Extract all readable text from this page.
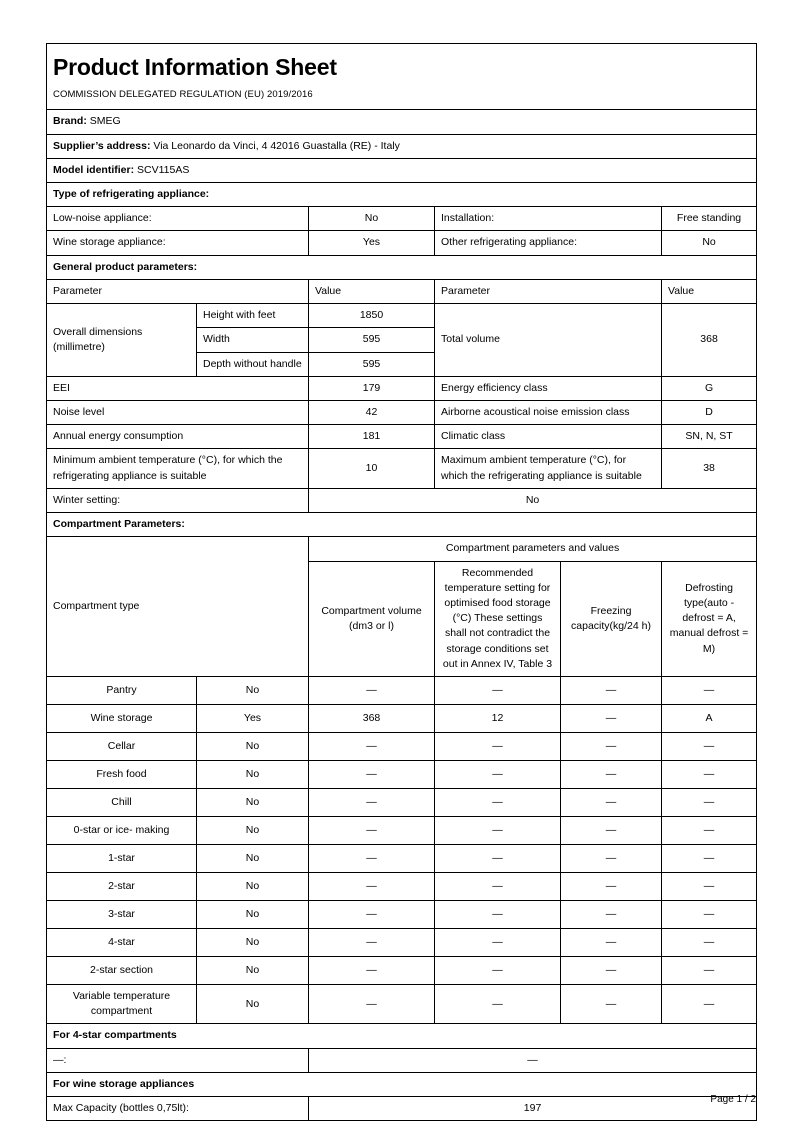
Product Information Sheet					

COMMISSION DELEGATED REGULATION (EU) 2019/2016					

Brand: SMEG					
Supplier’s address: Via Leonardo da Vinci, 4 42016 Guastalla (RE) - Italy					
Model identifier: SCV115AS					
Type of refrigerating appliance:					
Low-noise appliance:		No	Installation:		Free standing
Wine storage appliance:		Yes	Other refrigerating appliance:		No
General product parameters:					
Parameter		Value	Parameter		Value
Overall dimensions (millimetre)	Height with feet	1850	Total volume		368
	Width	595			
	Depth without handle	595			
EEI		179	Energy efficiency class		G
Noise level		42	Airborne acoustical noise emission class		D
Annual energy consumption		181	Climatic class		SN, N, ST
Minimum ambient temperature (°C), for which the refrigerating appliance is suitable		10	Maximum ambient temperature (°C), for which the refrigerating appliance is suitable		38
Winter setting:		No			
Compartment Parameters:					
Compartment type		Compartment parameters and values			
		Compartment volume (dm3 or l)	Recommended temperature setting for optimised food storage (°C) These settings shall not contradict the storage conditions set out in Annex IV, Table 3	Freezing capacity(kg/24 h)	Defrosting type(auto - defrost = A, manual defrost = M)
Pantry	No	—	—	—	—
Wine storage	Yes	368	12	—	A
Cellar	No	—	—	—	—
Fresh food	No	—	—	—	—
Chill	No	—	—	—	—
0-star or ice- making	No	—	—	—	—
1-star	No	—	—	—	—
2-star	No	—	—	—	—
3-star	No	—	—	—	—
4-star	No	—	—	—	—
2-star section	No	—	—	—	—
Variable temperature compartment	No	—	—	—	—
For 4-star compartments					
—:		—			
For wine storage appliances					
Max Capacity (bottles 0,75lt):		197			
Page 1 / 2
